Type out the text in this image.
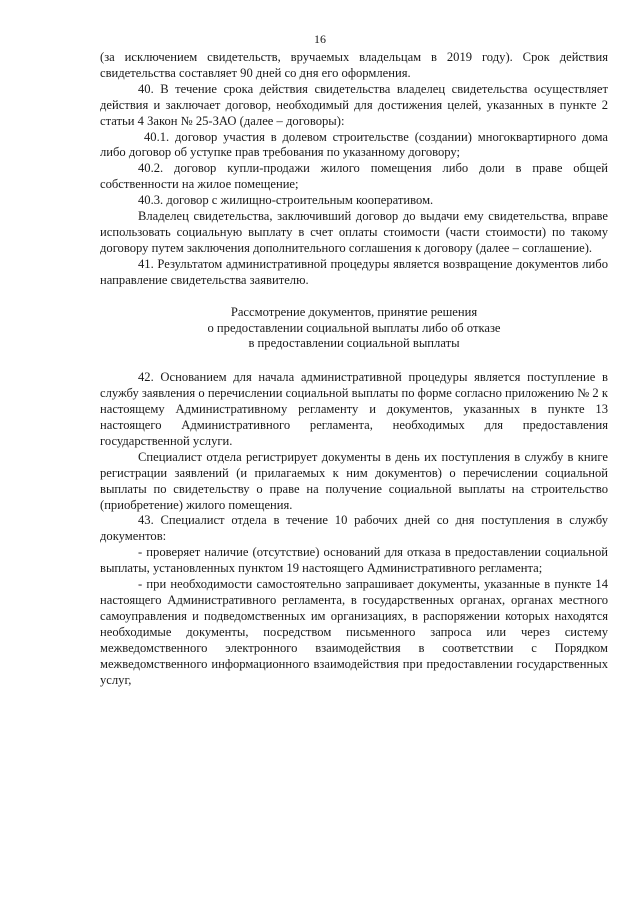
16

(за исключением свидетельств, вручаемых владельцам в 2019 году). Срок действия свидетельства составляет 90 дней со дня его оформления.

40. В течение срока действия свидетельства владелец свидетельства осуществляет действия и заключает договор, необходимый для достижения целей, указанных в пункте 2 статьи 4 Закон № 25-ЗАО (далее – договоры):

40.1. договор участия в долевом строительстве (создании) многоквартирного дома либо договор об уступке прав требования по указанному договору;

40.2. договор купли-продажи жилого помещения либо доли в праве общей собственности на жилое помещение;

40.3. договор с жилищно-строительным кооперативом.

Владелец свидетельства, заключивший договор до выдачи ему свидетельства, вправе использовать социальную выплату в счет оплаты стоимости (части стоимости) по такому договору путем заключения дополнительного соглашения к договору (далее – соглашение).

41. Результатом административной процедуры является возвращение документов либо направление свидетельства заявителю.

Рассмотрение документов, принятие решения

о предоставлении социальной выплаты либо об отказе

в предоставлении социальной выплаты

42. Основанием для начала административной процедуры является поступление в службу заявления о перечислении социальной выплаты по форме согласно приложению № 2 к настоящему Административному регламенту и документов, указанных в пункте 13 настоящего Административного регламента, необходимых для предоставления государственной услуги.

Специалист отдела регистрирует документы в день их поступления в службу в книге регистрации заявлений (и прилагаемых к ним документов) о перечислении социальной выплаты по свидетельству о праве на получение социальной выплаты на строительство (приобретение) жилого помещения.

43. Специалист отдела в течение 10 рабочих дней со дня поступления в службу документов:

- проверяет наличие (отсутствие) оснований для отказа в предоставлении социальной выплаты, установленных пунктом 19 настоящего Административного регламента;

- при необходимости самостоятельно запрашивает документы, указанные в пункте 14 настоящего Административного регламента, в государственных органах, органах местного самоуправления и подведомственных им организациях, в распоряжении которых находятся необходимые документы, посредством письменного запроса или через систему межведомственного электронного взаимодействия в соответствии с Порядком межведомственного информационного взаимодействия при предоставлении государственных услуг,
